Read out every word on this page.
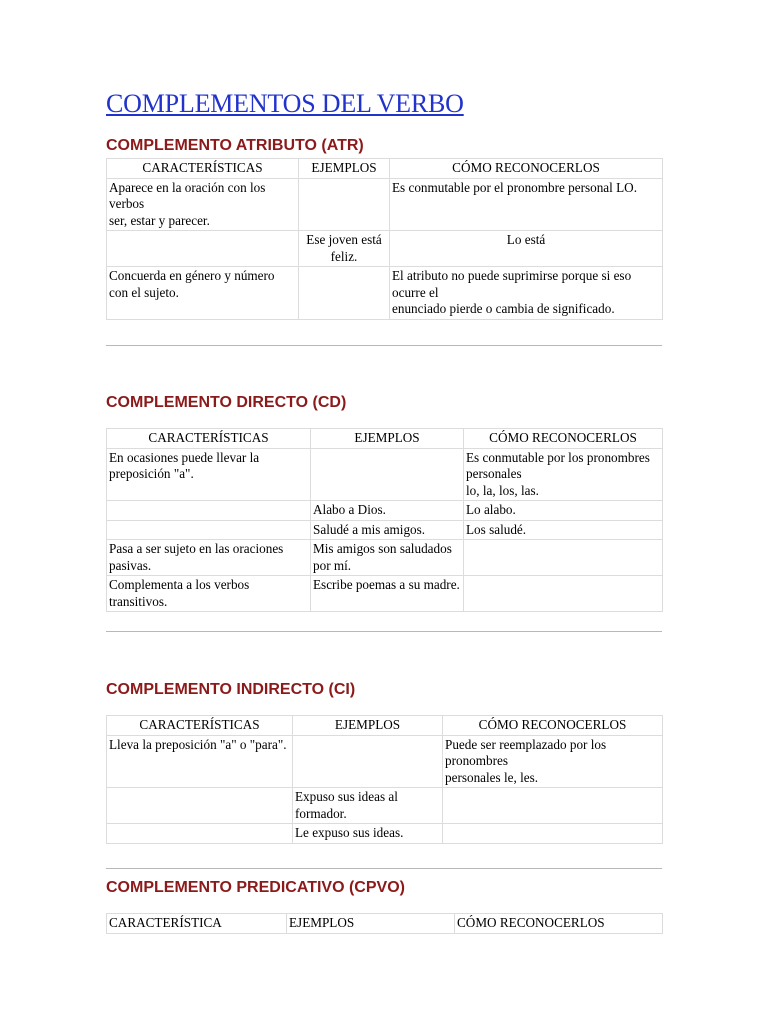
COMPLEMENTOS DEL VERBO
COMPLEMENTO ATRIBUTO (ATR)
CARACTERÍSTICAS	EJEMPLOS	CÓMO RECONOCERLOS
Aparece en la oración con los verbos
ser, estar y parecer.		Es conmutable por el pronombre personal LO.
	Ese joven está feliz.	Lo está
Concuerda en género y número con el sujeto.		El atributo no puede suprimirse porque si eso ocurre el
enunciado pierde o cambia de significado.
COMPLEMENTO DIRECTO (CD)
CARACTERÍSTICAS	EJEMPLOS	CÓMO RECONOCERLOS
En ocasiones puede llevar la preposición "a".		Es conmutable por los pronombres personales
lo, la, los, las.
	Alabo a Dios.	Lo alabo.
	Saludé a mis amigos.	Los saludé.
Pasa a ser sujeto en las oraciones pasivas.	Mis amigos son saludados por mí.	
Complementa a los verbos transitivos.	Escribe poemas a su madre.	
COMPLEMENTO INDIRECTO (CI)
CARACTERÍSTICAS	EJEMPLOS	CÓMO RECONOCERLOS
Lleva la preposición "a" o "para".		Puede ser reemplazado por los pronombres
personales le, les.
	Expuso sus ideas al formador.	
	Le expuso sus ideas.	
COMPLEMENTO PREDICATIVO (CPVO)
CARACTERÍSTICA	EJEMPLOS	CÓMO RECONOCERLOS
